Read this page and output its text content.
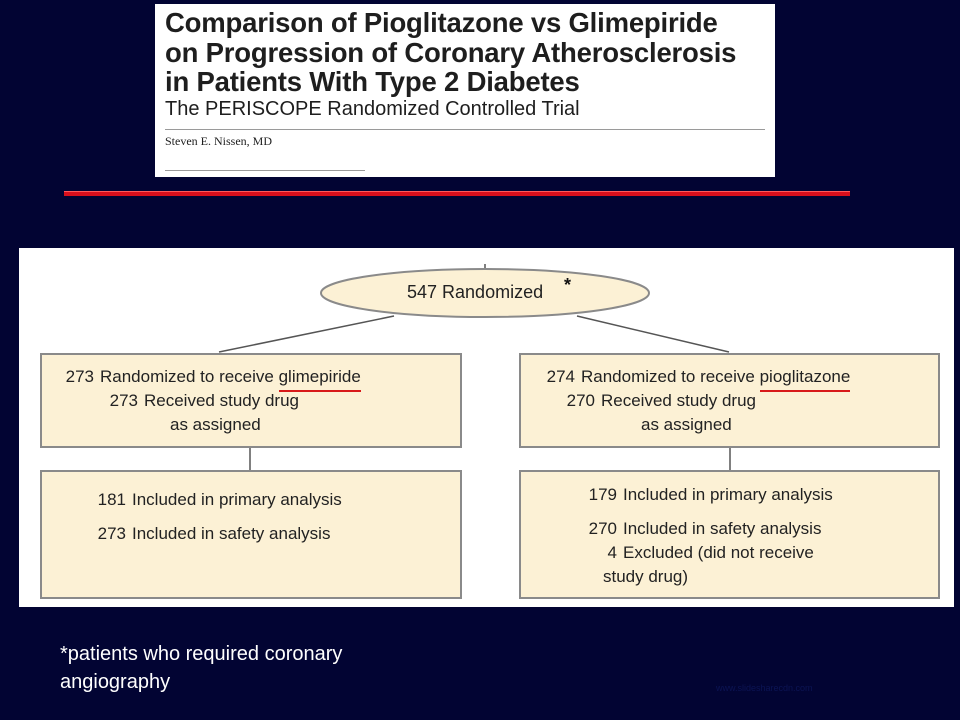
Comparison of Pioglitazone vs Glimepiride
on Progression of Coronary Atherosclerosis
in Patients With Type 2 Diabetes
The PERISCOPE Randomized Controlled Trial
Steven E. Nissen, MD
547 Randomized *
273 Randomized to receive glimepiride
273 Received study drug
as assigned
274 Randomized to receive pioglitazone
270 Received study drug
as assigned
181 Included in primary analysis
273 Included in safety analysis
179 Included in primary analysis
270 Included in safety analysis
4 Excluded (did not receive
study drug)
*patients who required coronary
angiography	www.slidesharecdn.com
